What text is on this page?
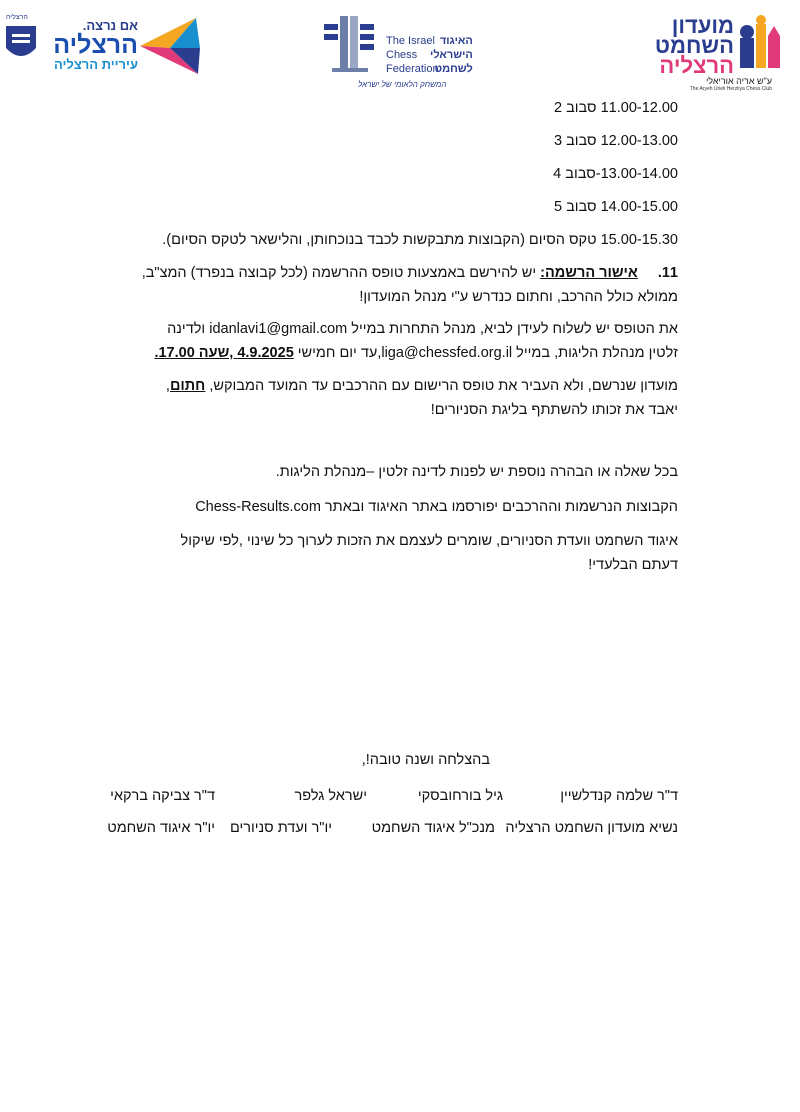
מועדון
השחמט
הרצליה
ע"ש אריה אוריאלי
The Aryeh Urieli Herzliya Chess Club
The Israel
Chess
Federation
האיגוד
הישראלי
לשחמט
המשחק הלאומי של ישראל
הרצליה
אם נרצה.
הרצליה
עיריית הרצליה
11.00-12.00 סבוב 2
12.00-13.00 סבוב 3
13.00-14.00-סבוב 4
14.00-15.00 סבוב 5
15.00-15.30 טקס הסיום (הקבוצות מתבקשות לכבד בנוכחותן, והלישאר לטקס הסיום).
11.אישור הרשמה: יש להירשם באמצעות טופס ההרשמה (לכל קבוצה בנפרד) המצ"ב,
ממולא כולל ההרכב, וחתום כנדרש ע"י מנהל המועדון!
את הטופס יש לשלוח לעידן לביא, מנהל התחרות במייל idanlavi1@gmail.com ולדינה
זלטין מנהלת הליגות, במייל liga@chessfed.org.il,עד יום חמישי 4.9.2025 ,שעה 17.00.
מועדון שנרשם, ולא העביר את טופס הרישום עם ההרכבים עד המועד המבוקש, חתום,
יאבד את זכותו להשתתף בליגת הסניורים!
בכל שאלה או הבהרה נוספת יש לפנות לדינה זלטין –מנהלת הליגות.
הקבוצות הנרשמות וההרכבים יפורסמו באתר האיגוד ובאתר Chess-Results.com
איגוד השחמט וועדת הסניורים, שומרים לעצמם את הזכות לערוך כל שינוי ,לפי שיקול
דעתם הבלעדי!
בהצלחה ושנה טובה!,
ד"ר שלמה קנדלשיין
גיל בורחובסקי
ישראל גלפר
ד"ר צביקה ברקאי
נשיא מועדון השחמט הרצליה
מנכ"ל איגוד השחמט
יו"ר ועדת סניורים
יו"ר איגוד השחמט
